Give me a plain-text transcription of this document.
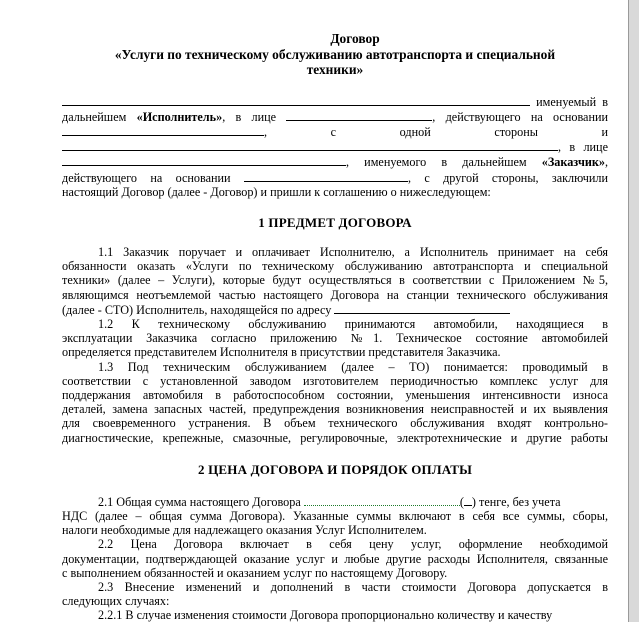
Договор
«Услуги по техническому обслуживанию автотранспорта и специальной
техники»

именуемый в

дальнейшем «Исполнитель», в лице	, действующего на основании

,	с	одной	стороны	и

, в лице

, именуемого в дальнейшем «Заказчик»,

действующего на основании	, с другой стороны, заключили

настоящий Договор (далее - Договор) и пришли к соглашению о нижеследующем:

1 ПРЕДМЕТ ДОГОВОРА

1.1 Заказчик поручает и оплачивает Исполнителю, а Исполнитель принимает на себя

обязанности оказать «Услуги по техническому обслуживанию автотранспорта и специальной

техники» (далее – Услуги), которые будут осуществляться в соответствии с Приложением №5,

являющимся неотъемлемой частью настоящего Договора на станции технического обслуживания

(далее - СТО) Исполнитель, находящейся по адресу

1.2 К техническому обслуживанию принимаются автомобили, находящиеся в

эксплуатации Заказчика согласно приложению №1. Техническое состояние автомобилей

определяется представителем Исполнителя в присутствии представителя Заказчика.

1.3 Под техническим обслуживанием (далее – ТО) понимается: проводимый в

соответствии с установленной заводом изготовителем периодичностью комплекс услуг для

поддержания автомобиля в работоспособном состоянии, уменьшения интенсивности износа

деталей, замена запасных частей, предупреждения возникновения неисправностей и их выявления

для своевременного устранения. В объем технического обслуживания входят контрольно-

диагностические, крепежные, смазочные, регулировочные, электротехнические и другие работы

2 ЦЕНА ДОГОВОРА И ПОРЯДОК ОПЛАТЫ

2.1 Общая сумма настоящего Договора	( ) тенге, без учета

НДС (далее – общая сумма Договора). Указанные суммы включают в себя все суммы, сборы,

налоги необходимые для надлежащего оказания Услуг Исполнителем.

2.2 Цена Договора включает в себя цену услуг, оформление необходимой

документации, подтверждающей оказание услуг и любые другие расходы Исполнителя, связанные

с выполнением обязанностей и оказанием услуг по настоящему Договору.

2.3 Внесение изменений и дополнений в части стоимости Договора допускается в

следующих случаях:

2.2.1 В случае изменения стоимости Договора пропорционально количеству и качеству
